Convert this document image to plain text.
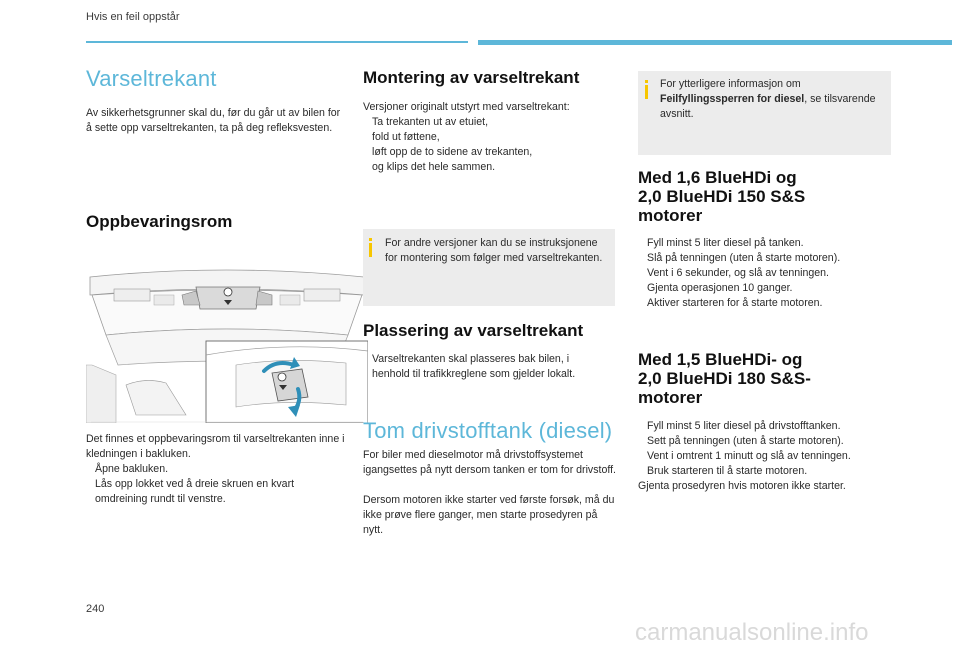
Hvis en feil oppstår
Varseltrekant

Av sikkerhetsgrunner skal du, før du går ut av bilen for å sette opp varseltrekanten, ta på deg refleksvesten.

Oppbevaringsrom

Det finnes et oppbevaringsrom til varseltrekanten inne i kledningen i bakluken.

Åpne bakluken.
Lås opp lokket ved å dreie skruen en kvart omdreining rundt til venstre.
Montering av varseltrekant

Versjoner originalt utstyrt med varseltrekant:

Ta trekanten ut av etuiet,
fold ut føttene,
løft opp de to sidene av trekanten,
og klips det hele sammen.
For andre versjoner kan du se instruksjonene for montering som følger med varseltrekanten.
Plassering av varseltrekant
Varseltrekanten skal plasseres bak bilen, i henhold til trafikkreglene som gjelder lokalt.
Tom drivstofftank (diesel)

For biler med dieselmotor må drivstoffsystemet igangsettes på nytt dersom tanken er tom for drivstoff.

Dersom motoren ikke starter ved første forsøk, må du ikke prøve flere ganger, men starte prosedyren på nytt.

For ytterligere informasjon om
Feilfyllingssperren for diesel, se tilsvarende avsnitt.
Med 1,6 BlueHDi og
2,0 BlueHDi 150 S&S
motorer
Fyll minst 5 liter diesel på tanken.
Slå på tenningen (uten å starte motoren).
Vent i 6 sekunder, og slå av tenningen.
Gjenta operasjonen 10 ganger.
Aktiver starteren for å starte motoren.
Med 1,5 BlueHDi- og
2,0 BlueHDi 180 S&S-
motorer
Fyll minst 5 liter diesel på drivstofftanken.
Sett på tenningen (uten å starte motoren).
Vent i omtrent 1 minutt og slå av tenningen.
Bruk starteren til å starte motoren.

Gjenta prosedyren hvis motoren ikke starter.

240
carmanualsonline.info
